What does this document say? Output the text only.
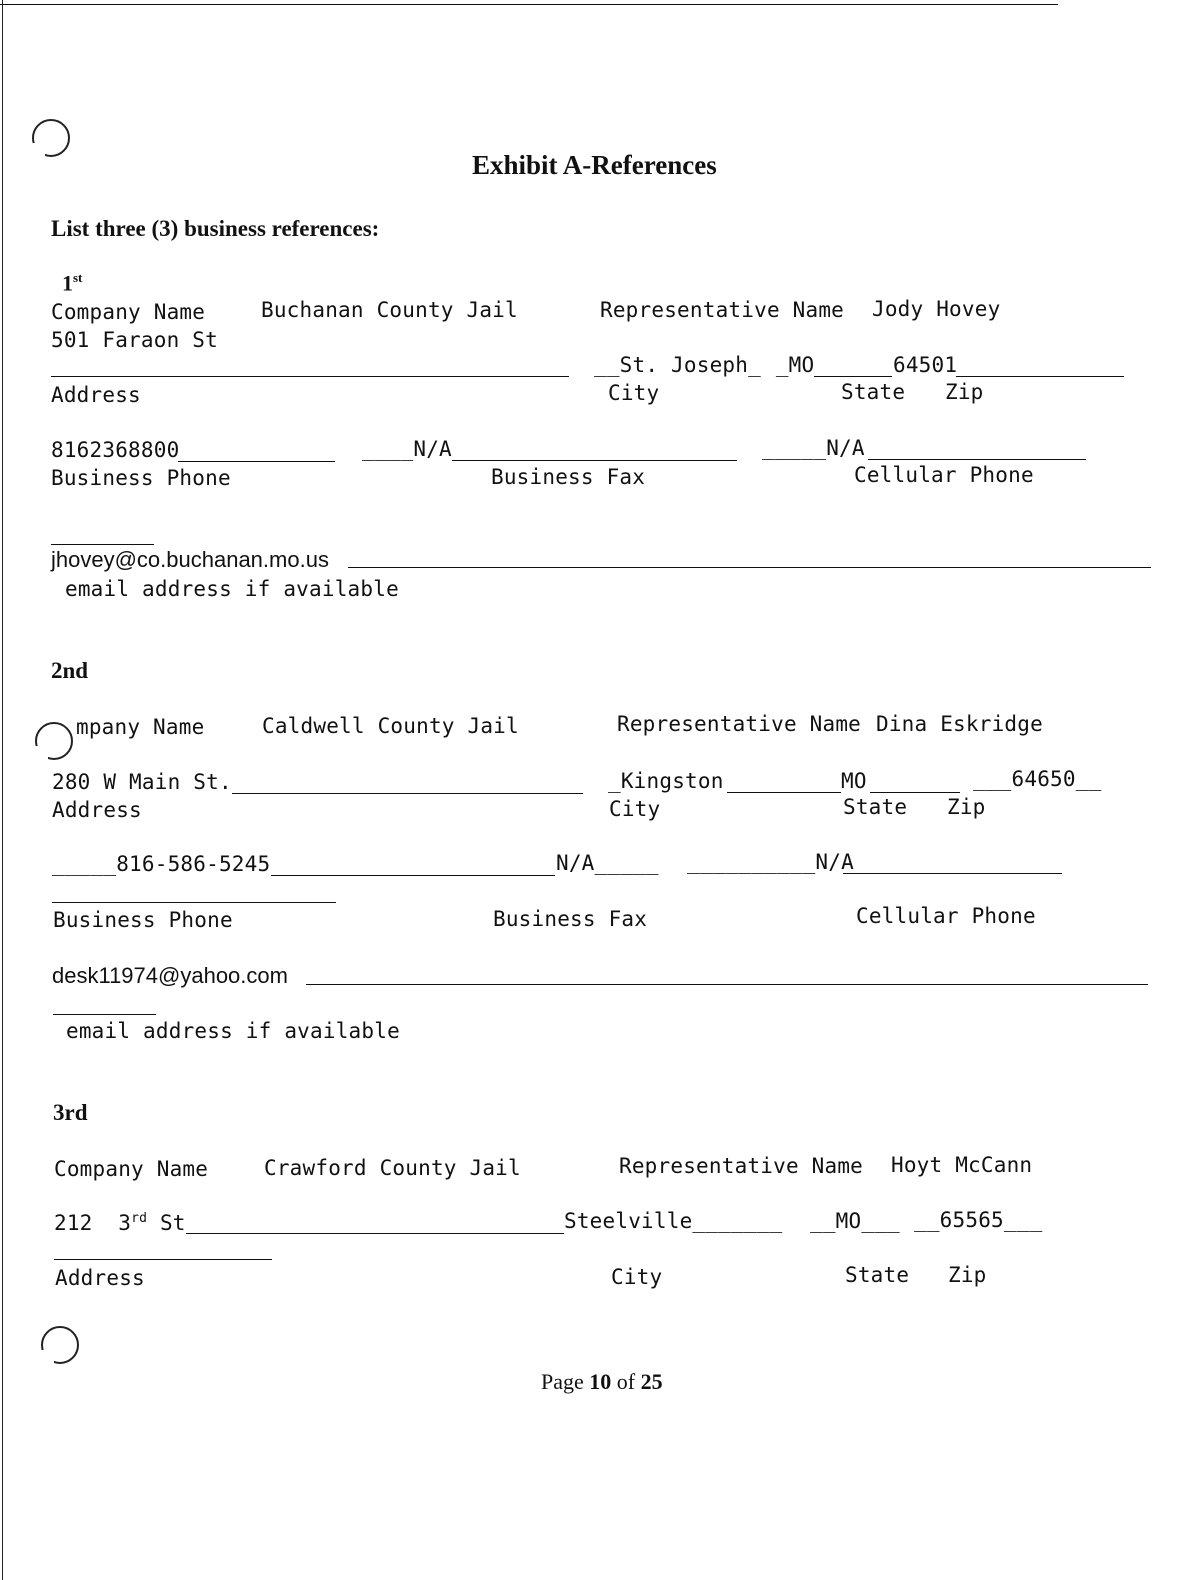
Exhibit A-References
List three (3) business references:

1st

Company Name	Buchanan County Jail	Representative Name Jody Hovey
501 Faraon St
__St. Joseph_ _MO	64501
Address	City	State Zip
8162368800	____N/A	_____N/A
Business Phone	Business Fax	Cellular Phone
jhovey@co.buchanan.mo.us
email address if available
2nd
mpany Name	Caldwell County Jail	Representative Name Dina Eskridge
280 W Main St.	_Kingston	MO	___64650__
Address	City	State Zip
_____816-586-5245	N/A_____ __________N/A
Business Phone	Business Fax	Cellular Phone
desk11974@yahoo.com
email address if available
3rd
Company Name	Crawford County Jail	Representative Name Hoyt McCann
212  3rd St	Steelville_______ __MO___ __65565___
Address	City	State Zip
Page 10 of 25
